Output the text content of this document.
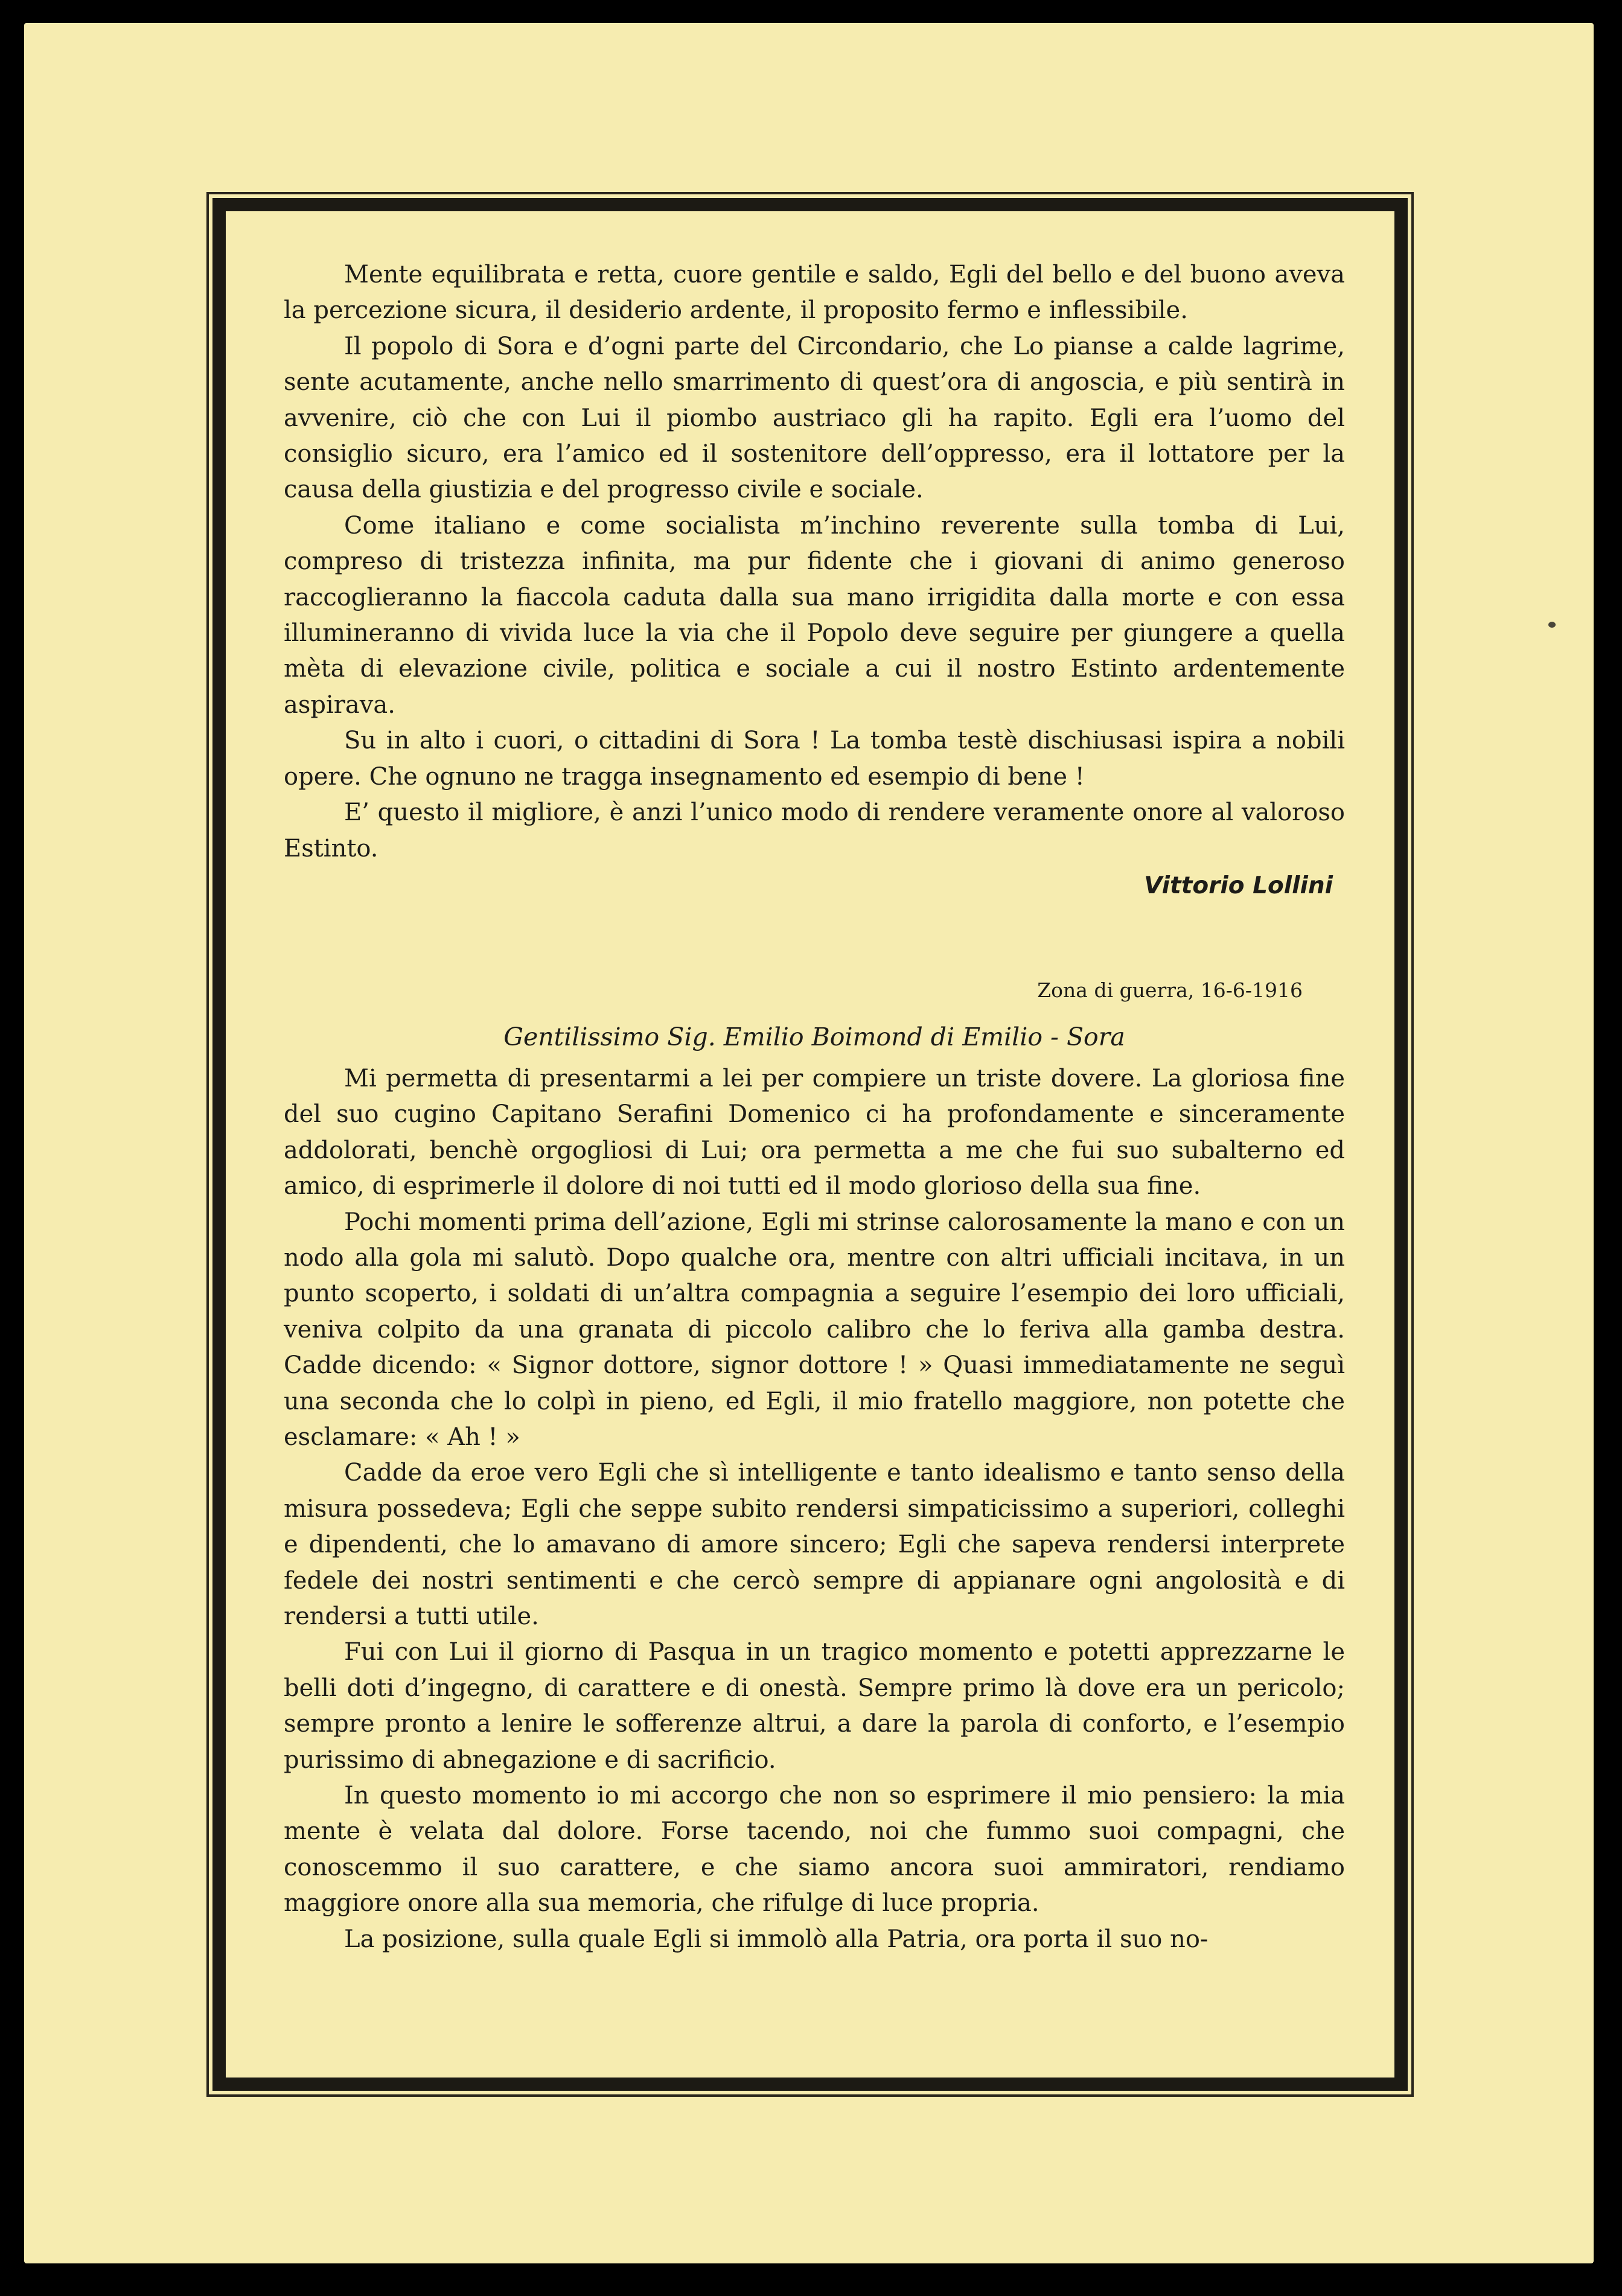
Mente equilibrata e retta, cuore gentile e saldo, Egli del bello e del buono aveva la percezione sicura, il desiderio ardente, il proposito fermo e inflessibile.

Il popolo di Sora e d’ogni parte del Circondario, che Lo pianse a calde lagrime, sente acutamente, anche nello smarrimento di quest’ora di angoscia, e più sentirà in avvenire, ciò che con Lui il piombo austriaco gli ha rapito. Egli era l’uomo del consiglio sicuro, era l’amico ed il sostenitore dell’oppresso, era il lottatore per la causa della giustizia e del progresso civile e sociale.

Come italiano e come socialista m’inchino reverente sulla tomba di Lui, compreso di tristezza infinita, ma pur fidente che i giovani di animo generoso raccoglieranno la fiaccola caduta dalla sua mano irrigidita dalla morte e con essa illumineranno di vivida luce la via che il Popolo deve seguire per giungere a quella mèta di elevazione civile, politica e sociale a cui il nostro Estinto ardentemente aspirava.

Su in alto i cuori, o cittadini di Sora ! La tomba testè dischiusasi ispira a nobili opere. Che ognuno ne tragga insegnamento ed esempio di bene !

E’ questo il migliore, è anzi l’unico modo di rendere veramente onore al valoroso Estinto.

Vittorio Lollini
Zona di guerra, 16-6-1916
Gentilissimo Sig. Emilio Boimond di Emilio - Sora

Mi permetta di presentarmi a lei per compiere un triste dovere. La gloriosa fine del suo cugino Capitano Serafini Domenico ci ha profondamente e sinceramente addolorati, benchè orgogliosi di Lui; ora permetta a me che fui suo subalterno ed amico, di esprimerle il dolore di noi tutti ed il modo glorioso della sua fine.

Pochi momenti prima dell’azione, Egli mi strinse calorosamente la mano e con un nodo alla gola mi salutò. Dopo qualche ora, mentre con altri ufficiali incitava, in un punto scoperto, i soldati di un’altra compagnia a seguire l’esempio dei loro ufficiali, veniva colpito da una granata di piccolo calibro che lo feriva alla gamba destra. Cadde dicendo: « Signor dottore, signor dottore ! » Quasi immediatamente ne seguì una seconda che lo colpì in pieno, ed Egli, il mio fratello maggiore, non potette che esclamare: « Ah ! »

Cadde da eroe vero Egli che sì intelligente e tanto idealismo e tanto senso della misura possedeva; Egli che seppe subito rendersi simpaticissimo a superiori, colleghi e dipendenti, che lo amavano di amore sincero; Egli che sapeva rendersi interprete fedele dei nostri sentimenti e che cercò sempre di appianare ogni angolosità e di rendersi a tutti utile.

Fui con Lui il giorno di Pasqua in un tragico momento e potetti apprezzarne le belli doti d’ingegno, di carattere e di onestà. Sempre primo là dove era un pericolo; sempre pronto a lenire le sofferenze altrui, a dare la parola di conforto, e l’esempio purissimo di abnegazione e di sacrificio.

In questo momento io mi accorgo che non so esprimere il mio pensiero: la mia mente è velata dal dolore. Forse tacendo, noi che fummo suoi compagni, che conoscemmo il suo carattere, e che siamo ancora suoi ammiratori, rendiamo maggiore onore alla sua memoria, che rifulge di luce propria.

La posizione, sulla quale Egli si immolò alla Patria, ora porta il suo no-
